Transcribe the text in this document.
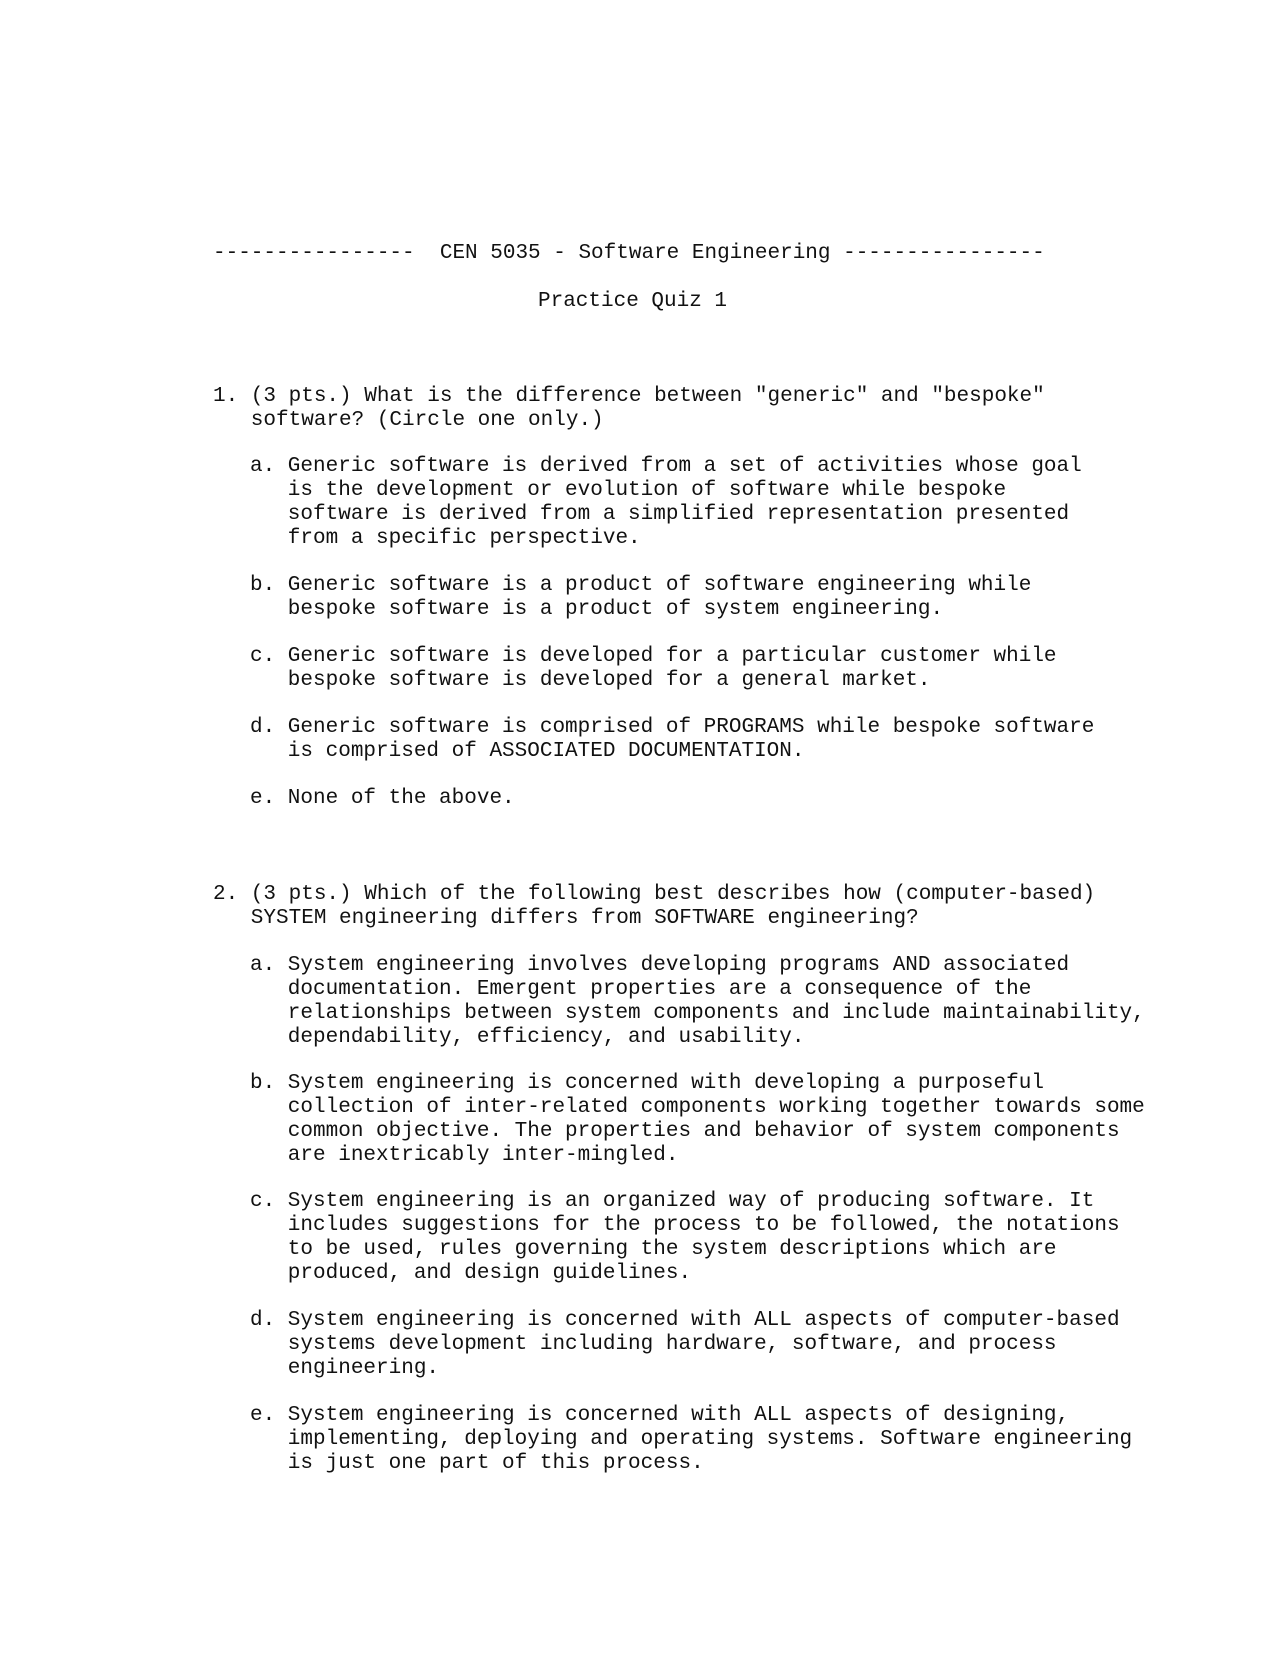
----------------  CEN 5035 - Software Engineering ----------------
Practice Quiz 1
1. (3 pts.) What is the difference between "generic" and "bespoke"
software? (Circle one only.)
a. Generic software is derived from a set of activities whose goal
is the development or evolution of software while bespoke
software is derived from a simplified representation presented
from a specific perspective.
b. Generic software is a product of software engineering while
bespoke software is a product of system engineering.
c. Generic software is developed for a particular customer while
bespoke software is developed for a general market.
d. Generic software is comprised of PROGRAMS while bespoke software
is comprised of ASSOCIATED DOCUMENTATION.
e. None of the above.
2. (3 pts.) Which of the following best describes how (computer-based)
SYSTEM engineering differs from SOFTWARE engineering?
a. System engineering involves developing programs AND associated
documentation. Emergent properties are a consequence of the
relationships between system components and include maintainability,
dependability, efficiency, and usability.
b. System engineering is concerned with developing a purposeful
collection of inter-related components working together towards some
common objective. The properties and behavior of system components
are inextricably inter-mingled.
c. System engineering is an organized way of producing software. It
includes suggestions for the process to be followed, the notations
to be used, rules governing the system descriptions which are
produced, and design guidelines.
d. System engineering is concerned with ALL aspects of computer-based
systems development including hardware, software, and process
engineering.
e. System engineering is concerned with ALL aspects of designing,
implementing, deploying and operating systems. Software engineering
is just one part of this process.
